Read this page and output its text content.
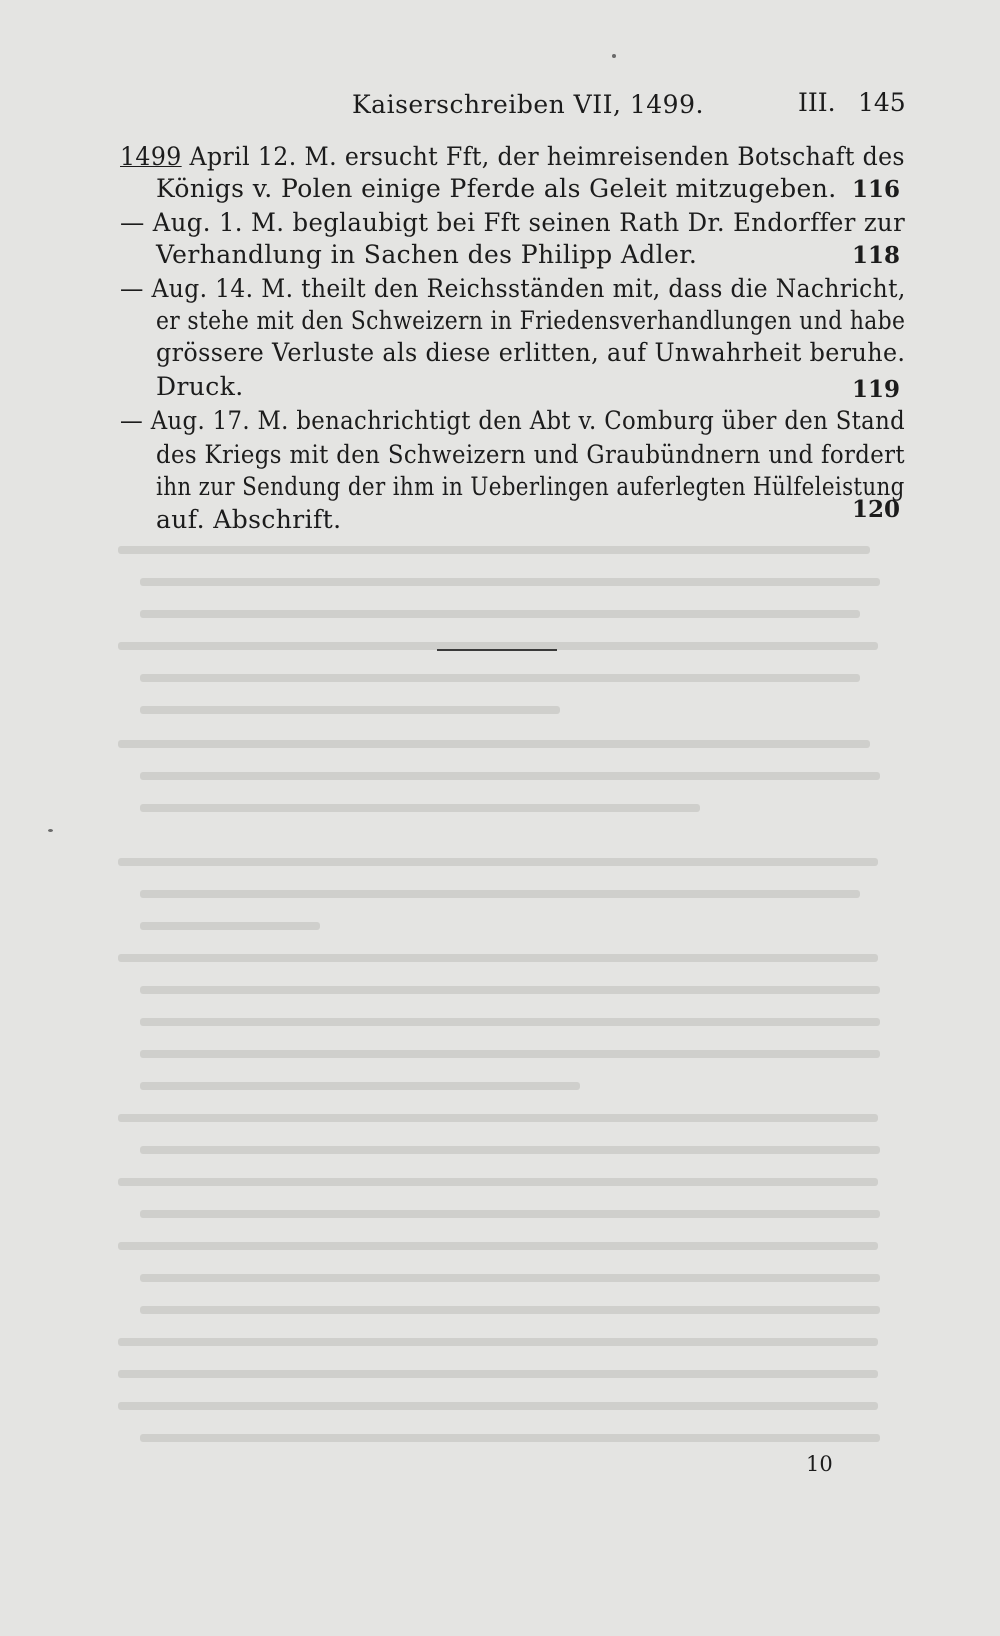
Kaiserschreiben VII, 1499.	III. 145
1499 April 12. M. ersucht Fft, der heimreisenden Botschaft des
Königs v. Polen einige Pferde als Geleit mitzugeben. 116
— Aug. 1. M. beglaubigt bei Fft seinen Rath Dr. Endorffer zur
Verhandlung in Sachen des Philipp Adler.	118
— Aug. 14. M. theilt den Reichsständen mit, dass die Nachricht,
er stehe mit den Schweizern in Friedensverhandlungen und habe
grössere Verluste als diese erlitten, auf Unwahrheit beruhe.
Druck.	119
— Aug. 17. M. benachrichtigt den Abt v. Comburg über den Stand
des Kriegs mit den Schweizern und Graubündnern und fordert
ihn zur Sendung der ihm in Ueberlingen auferlegten Hülfeleistung
auf. Abschrift.	120
10
